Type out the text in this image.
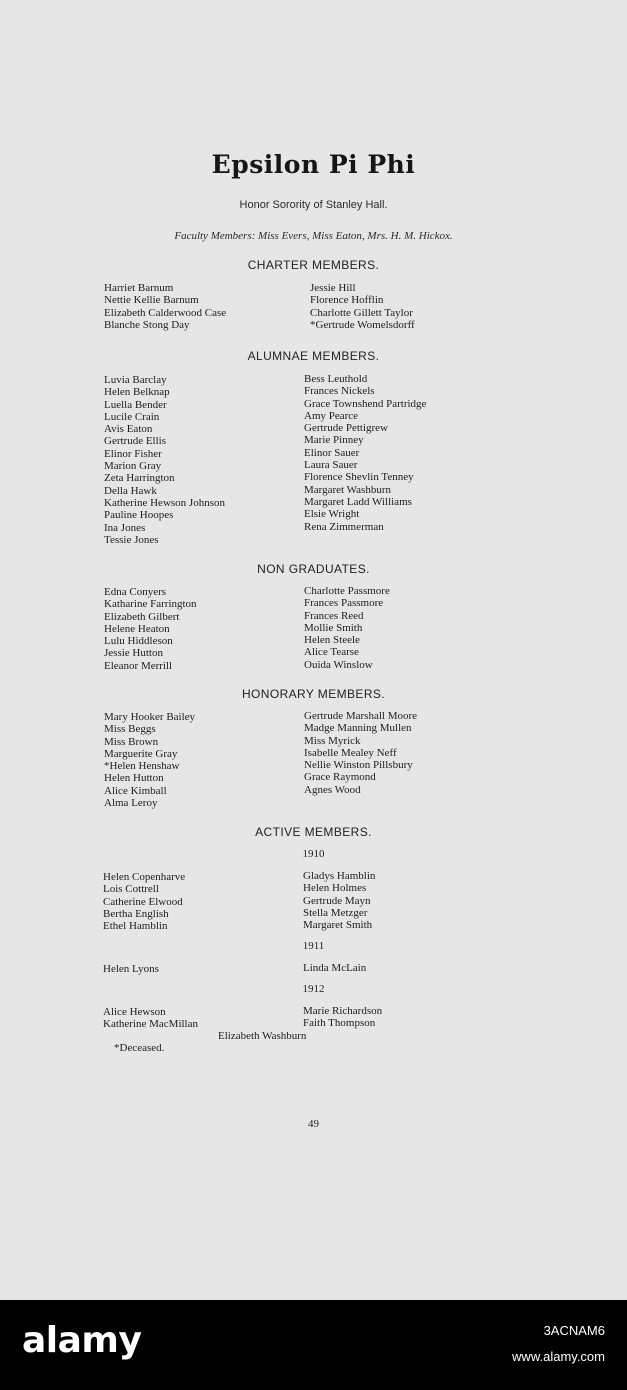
Epsilon Pi Phi
Honor Sorority of Stanley Hall.
Faculty Members: Miss Evers, Miss Eaton, Mrs. H. M. Hickox.
CHARTER MEMBERS.
Harriet Barnum
Nettie Kellie Barnum
Elizabeth Calderwood Case
Blanche Stong Day
Jessie Hill
Florence Hofflin
Charlotte Gillett Taylor
*Gertrude Womelsdorff
ALUMNAE MEMBERS.
Luvia Barclay
Helen Belknap
Luella Bender
Lucile Crain
Avis Eaton
Gertrude Ellis
Elinor Fisher
Marion Gray
Zeta Harrington
Della Hawk
Katherine Hewson Johnson
Pauline Hoopes
Ina Jones
Tessie Jones
Bess Leuthold
Frances Nickels
Grace Townshend Partridge
Amy Pearce
Gertrude Pettigrew
Marie Pinney
Elinor Sauer
Laura Sauer
Florence Shevlin Tenney
Margaret Washburn
Margaret Ladd Williams
Elsie Wright
Rena Zimmerman
NON GRADUATES.
Edna Conyers
Katharine Farrington
Elizabeth Gilbert
Helene Heaton
Lulu Hiddleson
Jessie Hutton
Eleanor Merrill
Charlotte Passmore
Frances Passmore
Frances Reed
Mollie Smith
Helen Steele
Alice Tearse
Ouida Winslow
HONORARY MEMBERS.
Mary Hooker Bailey
Miss Beggs
Miss Brown
Marguerite Gray
*Helen Henshaw
Helen Hutton
Alice Kimball
Alma Leroy
Gertrude Marshall Moore
Madge Manning Mullen
Miss Myrick
Isabelle Mealey Neff
Nellie Winston Pillsbury
Grace Raymond
Agnes Wood
ACTIVE MEMBERS.
1910
Helen Copenharve
Lois Cottrell
Catherine Elwood
Bertha English
Ethel Hamblin
Gladys Hamblin
Helen Holmes
Gertrude Mayn
Stella Metzger
Margaret Smith
1911
Helen Lyons	Linda McLain
1912
Alice Hewson
Katherine MacMillan
Marie Richardson
Faith Thompson
Elizabeth Washburn
*Deceased.
49
alamy	3ACNAM6
www.alamy.com
